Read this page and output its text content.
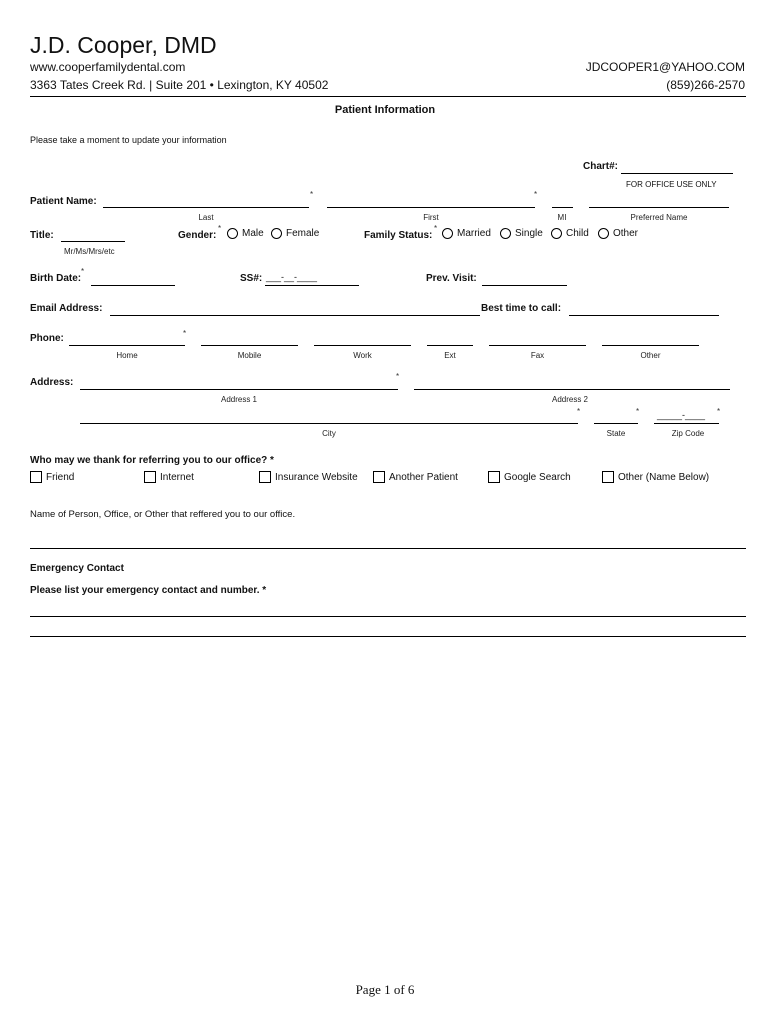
J.D. Cooper, DMD
www.cooperfamilydental.com
3363 Tates Creek Rd. | Suite 201 • Lexington, KY 40502
JDCOOPER1@YAHOO.COM
(859)266-2570
Patient Information
Please take a moment to update your information
Chart#:
FOR OFFICE USE ONLY
Patient Name:
*	*
Last	First	MI	Preferred Name
Title:
Mr/Ms/Mrs/etc
Gender:
*	Male	Female	Family Status:
*	Married	Single	Child	Other
Birth Date:
*
SS#: ___-__-____	Prev. Visit:
Email Address:	Best time to call:
Phone:	*
Home	Mobile	Work	Ext	Fax	Other
Address:
*
Address 1	Address 2
*	*	*
_____-____
City	State	Zip Code
Who may we thank for referring you to our office? *
Friend	Internet	Insurance Website	Another Patient	Google Search	Other (Name Below)
Name of Person, Office, or Other that reffered you to our office.
Emergency Contact
Please list your emergency contact and number. *
Page 1 of 6
